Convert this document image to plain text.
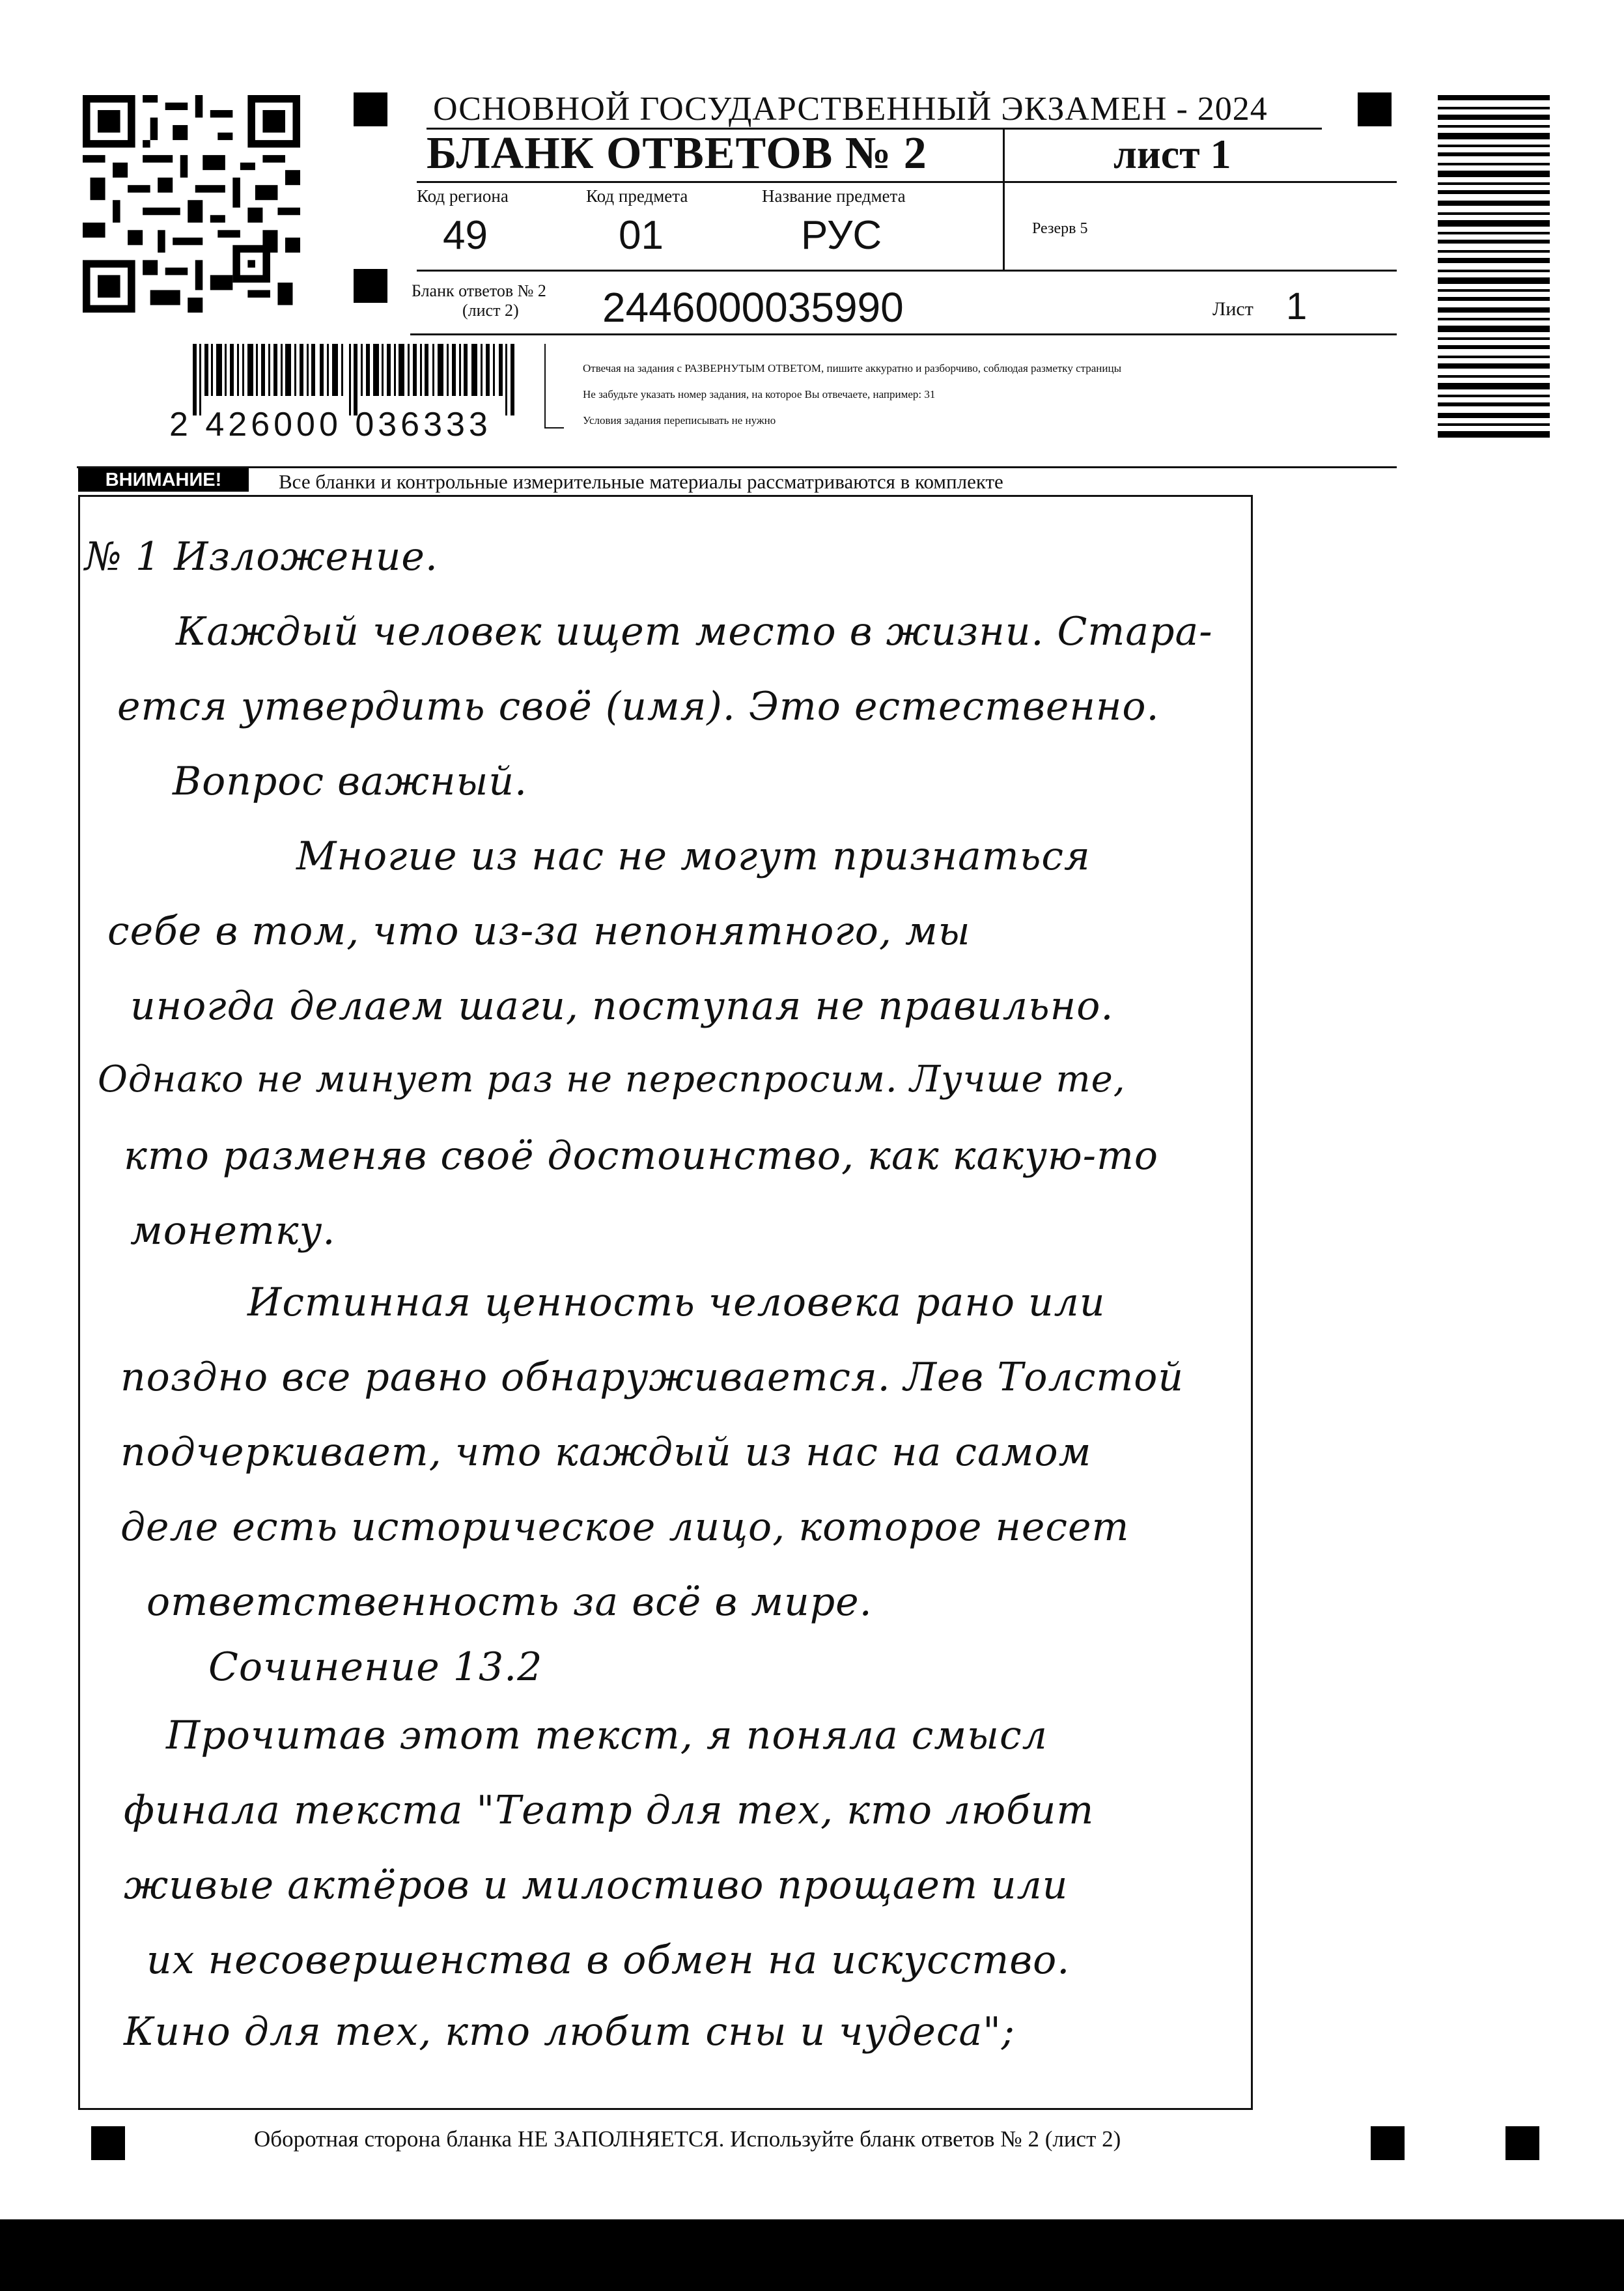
ОСНОВНОЙ ГОСУДАРСТВЕННЫЙ ЭКЗАМЕН - 2024
БЛАНК ОТВЕТОВ № 2	лист 1
Код региона	Код предмета	Название предмета
49	01	РУС	Резерв 5
Бланк ответов № 2
(лист 2) 2446000035990	Лист 1
2 426000 036333
Отвечая на задания с РАЗВЕРНУТЫМ ОТВЕТОМ, пишите аккуратно и разборчиво, соблюдая разметку страницы
Не забудьте указать номер задания, на которое Вы отвечаете, например: 31
Условия задания переписывать не нужно
ВНИМАНИЕ!	Все бланки и контрольные измерительные материалы рассматриваются в комплекте
№ 1 Изложение.
Каждый человек ищет место в жизни. Стара-
ется утвердить своё (имя). Это естественно.
Вопрос важный.
Многие из нас не могут признаться
себе в том, что из-за непонятного, мы
иногда делаем шаги, поступая не правильно.
Однако не минует раз не переспросим. Лучше те,
кто разменяв своё достоинство, как какую-то
монетку.
Истинная ценность человека рано или
поздно все равно обнаруживается. Лев Толстой
подчеркивает, что каждый из нас на самом
деле есть историческое лицо, которое несет
ответственность за всё в мире.
Сочинение 13.2
Прочитав этот текст, я поняла смысл
финала текста "Театр для тех, кто любит
живые актёров и милостиво прощает или
их несовершенства в обмен на искусство.
Кино для тех, кто любит сны и чудеса";
Оборотная сторона бланка НЕ ЗАПОЛНЯЕТСЯ. Используйте бланк ответов № 2 (лист 2)
